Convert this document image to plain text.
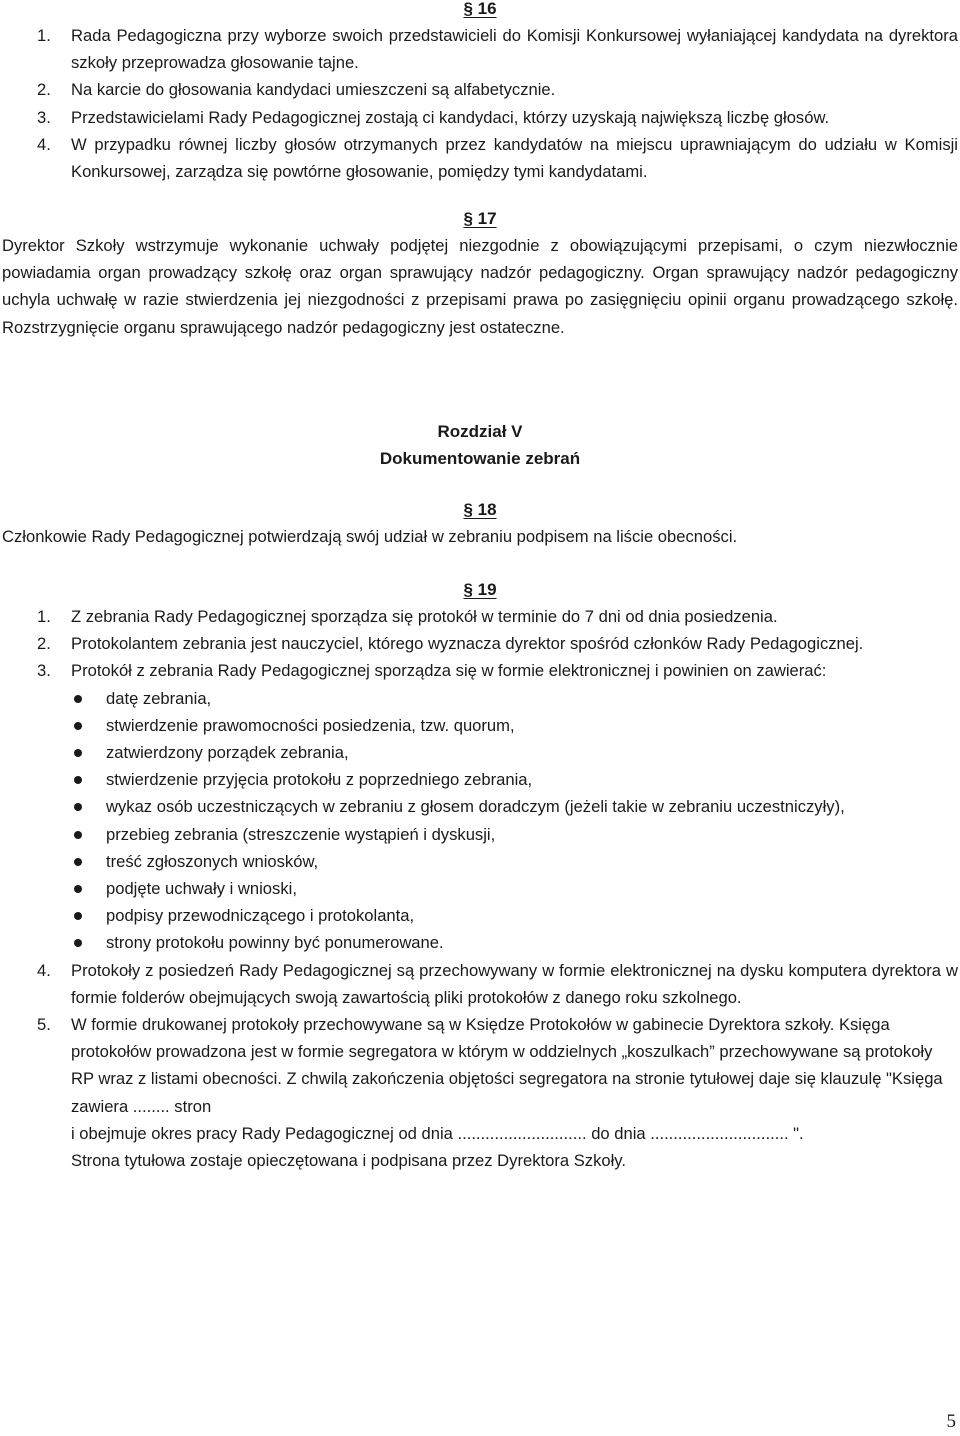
§ 16

1. Rada Pedagogiczna przy wyborze swoich przedstawicieli do Komisji Konkursowej wyłaniającej kandydata na dyrektora szkoły przeprowadza głosowanie tajne.
2. Na karcie do głosowania kandydaci umieszczeni są alfabetycznie.
3. Przedstawicielami Rady Pedagogicznej zostają ci kandydaci, którzy uzyskają największą liczbę głosów.
4. W przypadku równej liczby głosów otrzymanych przez kandydatów na miejscu uprawniającym do udziału w Komisji Konkursowej, zarządza się powtórne głosowanie, pomiędzy tymi kandydatami.

§ 17

Dyrektor Szkoły wstrzymuje wykonanie uchwały podjętej niezgodnie z obowiązującymi przepisami, o czym niezwłocznie powiadamia organ prowadzący szkołę oraz organ sprawujący nadzór pedagogiczny. Organ sprawujący nadzór pedagogiczny uchyla uchwałę w razie stwierdzenia jej niezgodności z przepisami prawa po zasięgnięciu opinii organu prowadzącego szkołę. Rozstrzygnięcie organu sprawującego nadzór pedagogiczny jest ostateczne.

Rozdział V

Dokumentowanie zebrań

§ 18

Członkowie Rady Pedagogicznej potwierdzają swój udział w zebraniu podpisem na liście obecności.

§ 19

1. Z zebrania Rady Pedagogicznej sporządza się protokół w terminie do 7 dni od dnia posiedzenia.
2. Protokolantem zebrania jest nauczyciel, którego wyznacza dyrektor spośród członków Rady Pedagogicznej.
3. Protokół z zebrania Rady Pedagogicznej sporządza się w formie elektronicznej i powinien on zawierać:
datę zebrania,
stwierdzenie prawomocności posiedzenia, tzw. quorum,
zatwierdzony porządek zebrania,
stwierdzenie przyjęcia protokołu z poprzedniego zebrania,
wykaz osób uczestniczących w zebraniu z głosem doradczym (jeżeli takie w zebraniu uczestniczyły),
przebieg zebrania (streszczenie wystąpień i dyskusji,
treść zgłoszonych wniosków,
podjęte uchwały i wnioski,
podpisy przewodniczącego i protokolanta,
strony protokołu powinny być ponumerowane.
4. Protokoły z posiedzeń Rady Pedagogicznej są przechowywany w formie elektronicznej na dysku komputera dyrektora w formie folderów obejmujących swoją zawartością pliki protokołów z danego roku szkolnego.
5. W formie drukowanej protokoły przechowywane są w Księdze Protokołów w gabinecie Dyrektora szkoły. Księga protokołów prowadzona jest w formie segregatora w którym w oddzielnych „koszulkach” przechowywane są protokoły RP wraz z listami obecności. Z chwilą zakończenia objętości segregatora na stronie tytułowej daje się klauzulę "Księga zawiera ........ stron
i obejmuje okres pracy Rady Pedagogicznej od dnia ............................ do dnia .............................. ".
Strona tytułowa zostaje opieczętowana i podpisana przez Dyrektora Szkoły.
5
